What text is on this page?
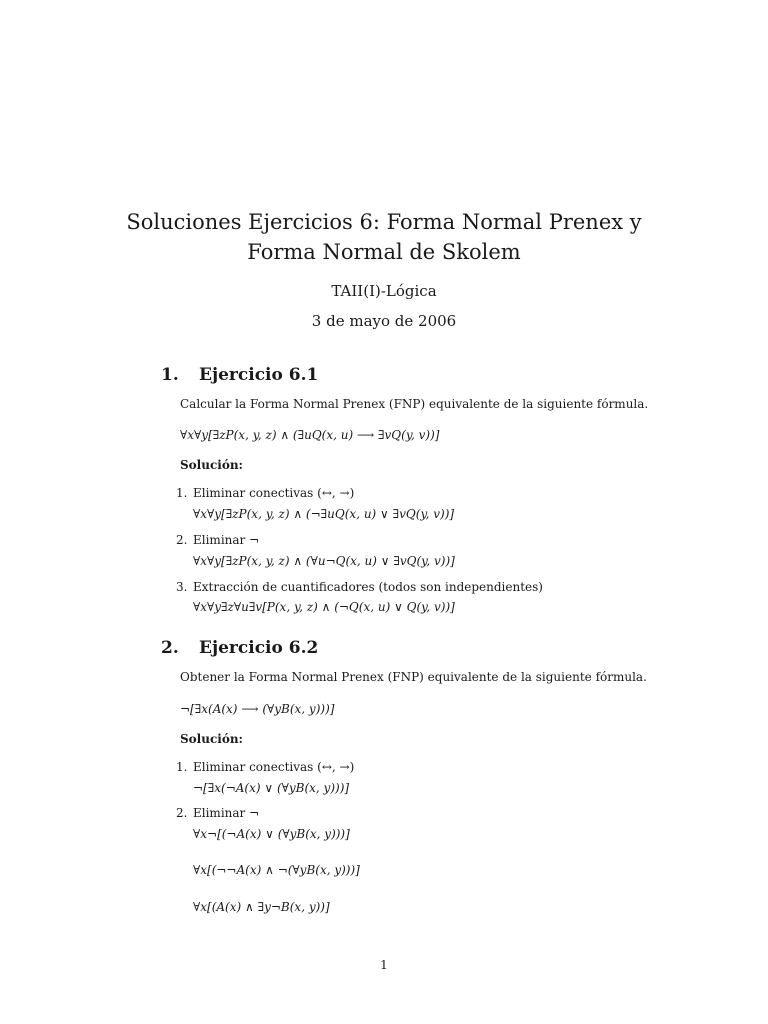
Soluciones Ejercicios 6: Forma Normal Prenex y
Forma Normal de Skolem
TAII(I)-Lógica
3 de mayo de 2006
1. Ejercicio 6.1
Calcular la Forma Normal Prenex (FNP) equivalente de la siguiente fórmula.
∀x∀y[∃zP(x, y, z) ∧ (∃uQ(x, u) ⟶ ∃vQ(y, v))]
Solución:
1. Eliminar conectivas (↔, →)
∀x∀y[∃zP(x, y, z) ∧ (¬∃uQ(x, u) ∨ ∃vQ(y, v))]
2. Eliminar ¬
∀x∀y[∃zP(x, y, z) ∧ (∀u¬Q(x, u) ∨ ∃vQ(y, v))]
3. Extracción de cuantificadores (todos son independientes)
∀x∀y∃z∀u∃v[P(x, y, z) ∧ (¬Q(x, u) ∨ Q(y, v))]
2. Ejercicio 6.2
Obtener la Forma Normal Prenex (FNP) equivalente de la siguiente fórmula.
¬[∃x(A(x) ⟶ (∀yB(x, y)))]
Solución:
1. Eliminar conectivas (↔, →)
¬[∃x(¬A(x) ∨ (∀yB(x, y)))]
2. Eliminar ¬
∀x¬[(¬A(x) ∨ (∀yB(x, y)))]
∀x[(¬¬A(x) ∧ ¬(∀yB(x, y)))]
∀x[(A(x) ∧ ∃y¬B(x, y))]
1
